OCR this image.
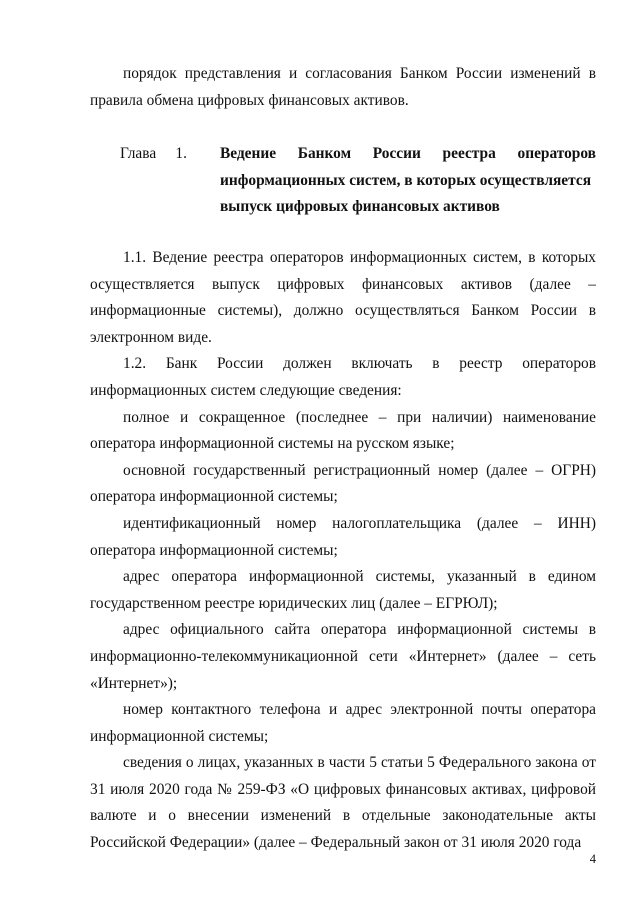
порядок представления и согласования Банком России изменений в правила обмена цифровых финансовых активов.

Глава 1. Ведение Банком России реестра операторов
информационных систем, в которых осуществляется
выпуск цифровых финансовых активов

1.1. Ведение реестра операторов информационных систем, в которых осуществляется выпуск цифровых финансовых активов (далее – информационные системы), должно осуществляться Банком России в электронном виде.

1.2. Банк России должен включать в реестр операторов информационных систем следующие сведения:

полное и сокращенное (последнее – при наличии) наименование оператора информационной системы на русском языке;

основной государственный регистрационный номер (далее – ОГРН) оператора информационной системы;

идентификационный номер налогоплательщика (далее – ИНН) оператора информационной системы;

адрес оператора информационной системы, указанный в едином государственном реестре юридических лиц (далее – ЕГРЮЛ);

адрес официального сайта оператора информационной системы в информационно-телекоммуникационной сети «Интернет» (далее – сеть «Интернет»);

номер контактного телефона и адрес электронной почты оператора информационной системы;

сведения о лицах, указанных в части 5 статьи 5 Федерального закона от 31 июля 2020 года № 259-ФЗ «О цифровых финансовых активах, цифровой валюте и о внесении изменений в отдельные законодательные акты Российской Федерации» (далее – Федеральный закон от 31 июля 2020 года

4
